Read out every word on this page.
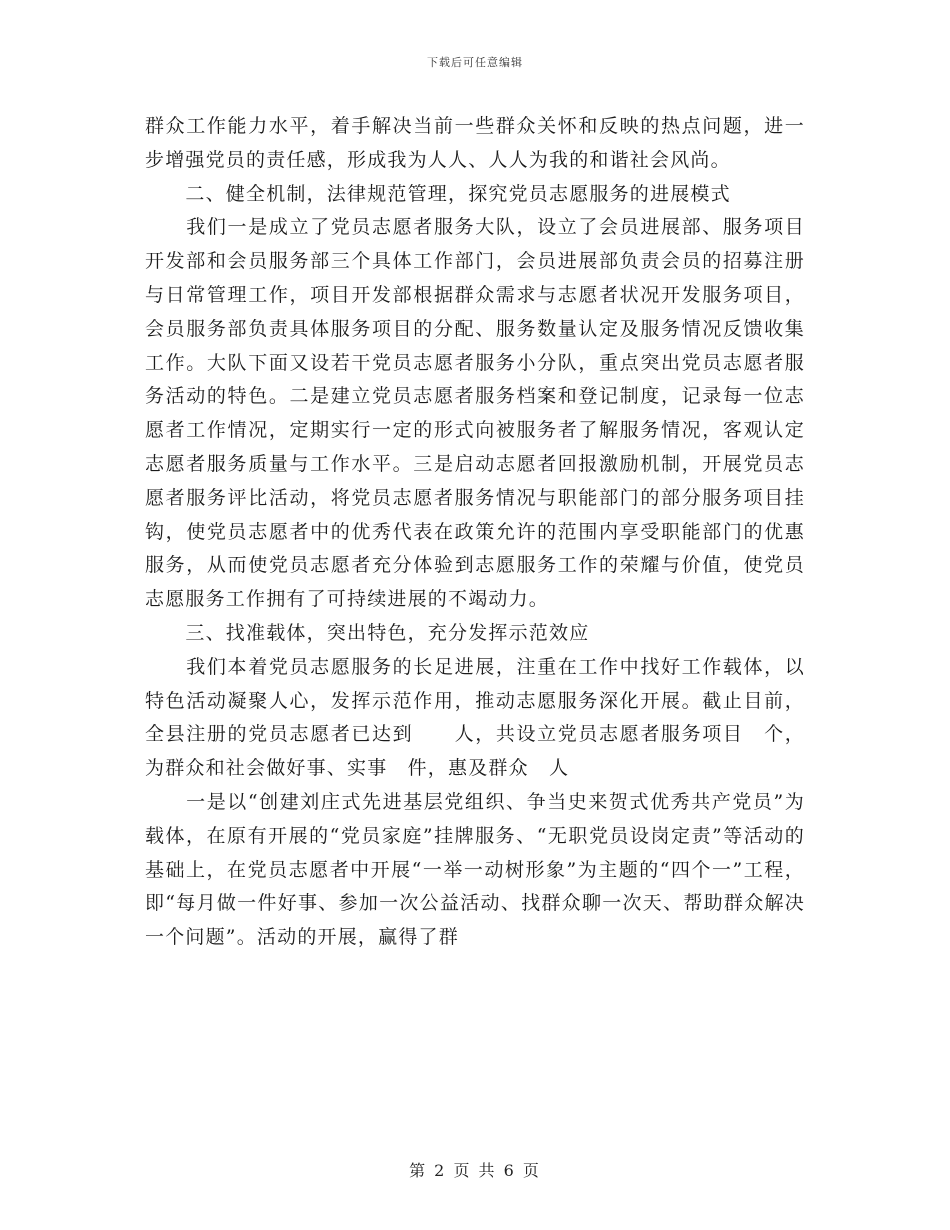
下载后可任意编辑

群众工作能力水平，着手解决当前一些群众关怀和反映的热点问题，进一步增强党员的责任感，形成我为人人、人人为我的和谐社会风尚。

　　二、健全机制，法律规范管理，探究党员志愿服务的进展模式

　　我们一是成立了党员志愿者服务大队，设立了会员进展部、服务项目开发部和会员服务部三个具体工作部门，会员进展部负责会员的招募注册与日常管理工作，项目开发部根据群众需求与志愿者状况开发服务项目，会员服务部负责具体服务项目的分配、服务数量认定及服务情况反馈收集工作。大队下面又设若干党员志愿者服务小分队，重点突出党员志愿者服务活动的特色。二是建立党员志愿者服务档案和登记制度，记录每一位志愿者工作情况，定期实行一定的形式向被服务者了解服务情况，客观认定志愿者服务质量与工作水平。三是启动志愿者回报激励机制，开展党员志愿者服务评比活动，将党员志愿者服务情况与职能部门的部分服务项目挂钩，使党员志愿者中的优秀代表在政策允许的范围内享受职能部门的优惠服务，从而使党员志愿者充分体验到志愿服务工作的荣耀与价值，使党员志愿服务工作拥有了可持续进展的不竭动力。

　　三、找准载体，突出特色，充分发挥示范效应

　　我们本着党员志愿服务的长足进展，注重在工作中找好工作载体，以特色活动凝聚人心，发挥示范作用，推动志愿服务深化开展。截止目前，全县注册的党员志愿者已达到　　人，共设立党员志愿者服务项目　个，为群众和社会做好事、实事　件，惠及群众　人

　　一是以“创建刘庄式先进基层党组织、争当史来贺式优秀共产党员”为载体，在原有开展的“党员家庭”挂牌服务、“无职党员设岗定责”等活动的基础上，在党员志愿者中开展“一举一动树形象”为主题的“四个一”工程，即“每月做一件好事、参加一次公益活动、找群众聊一次天、帮助群众解决一个问题”。活动的开展，赢得了群

第 2 页 共 6 页
